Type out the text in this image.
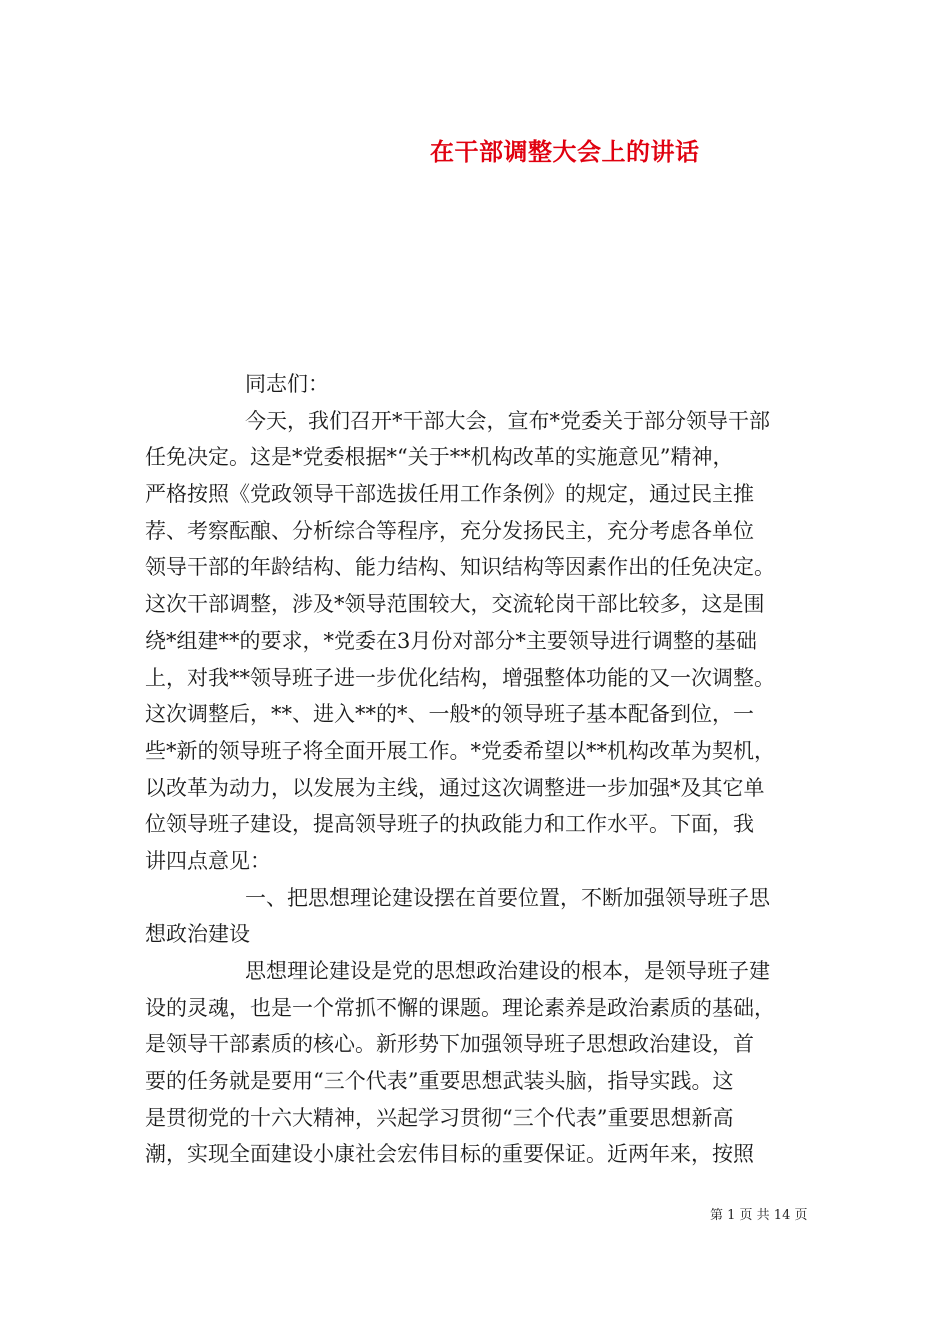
在干部调整大会上的讲话
同志们：
今天，我们召开*干部大会，宣布*党委关于部分领导干部
任免决定。这是*党委根据*“关于**机构改革的实施意见”精神，
严格按照《党政领导干部选拔任用工作条例》的规定，通过民主推
荐、考察酝酿、分析综合等程序，充分发扬民主，充分考虑各单位
领导干部的年龄结构、能力结构、知识结构等因素作出的任免决定。
这次干部调整，涉及*领导范围较大，交流轮岗干部比较多，这是围
绕*组建**的要求，*党委在3月份对部分*主要领导进行调整的基础
上，对我**领导班子进一步优化结构，增强整体功能的又一次调整。
这次调整后，**、进入**的*、一般*的领导班子基本配备到位，一
些*新的领导班子将全面开展工作。*党委希望以**机构改革为契机，
以改革为动力，以发展为主线，通过这次调整进一步加强*及其它单
位领导班子建设，提高领导班子的执政能力和工作水平。下面，我
讲四点意见：
一、把思想理论建设摆在首要位置，不断加强领导班子思
想政治建设
思想理论建设是党的思想政治建设的根本，是领导班子建
设的灵魂，也是一个常抓不懈的课题。理论素养是政治素质的基础，
是领导干部素质的核心。新形势下加强领导班子思想政治建设，首
要的任务就是要用“三个代表”重要思想武装头脑，指导实践。这
是贯彻党的十六大精神，兴起学习贯彻“三个代表”重要思想新高
潮，实现全面建设小康社会宏伟目标的重要保证。近两年来，按照
第 1 页 共 14 页
